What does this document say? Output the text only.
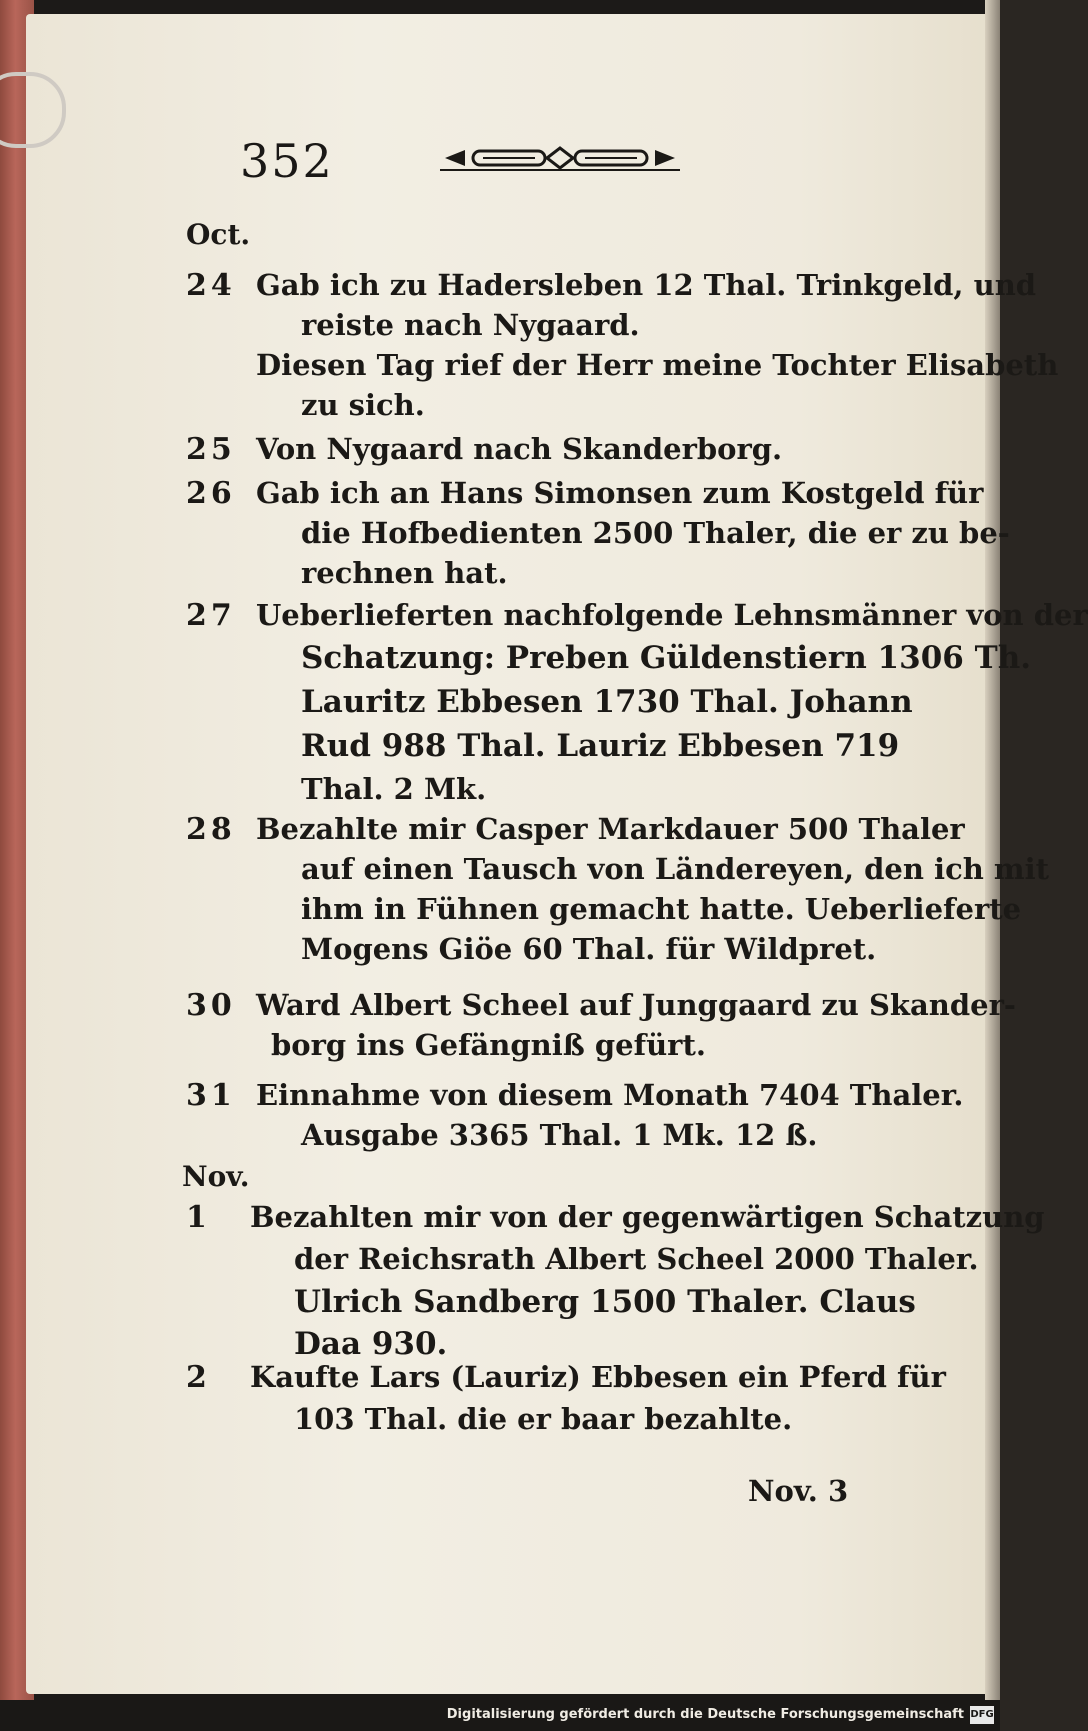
352
Oct.
24 Gab ich zu Hadersleben 12 Thal. Trinkgeld, und
reiste nach Nygaard.
Diesen Tag rief der Herr meine Tochter Elisabeth
zu sich.
25 Von Nygaard nach Skanderborg.
26 Gab ich an Hans Simonsen zum Kostgeld für
die Hofbedienten 2500 Thaler, die er zu be-
rechnen hat.
27 Ueberlieferten nachfolgende Lehnsmänner von der
Schatzung: Preben Güldenstiern 1306 Th.
Lauritz Ebbesen 1730 Thal. Johann
Rud 988 Thal. Lauriz Ebbesen 719
Thal. 2 Mk.
28 Bezahlte mir Casper Markdauer 500 Thaler
auf einen Tausch von Ländereyen, den ich mit
ihm in Fühnen gemacht hatte. Ueberlieferte
Mogens Giöe 60 Thal. für Wildpret.
30 Ward Albert Scheel auf Junggaard zu Skander-
borg ins Gefängniß gefürt.
31 Einnahme von diesem Monath 7404 Thaler.
Ausgabe 3365 Thal. 1 Mk. 12 ß.
Nov.
1	Bezahlten mir von der gegenwärtigen Schatzung
der Reichsrath Albert Scheel 2000 Thaler.
Ulrich Sandberg 1500 Thaler. Claus
Daa 930.
2	Kaufte Lars (Lauriz) Ebbesen ein Pferd für
103 Thal. die er baar bezahlte.
Nov. 3
Digitalisierung gefördert durch die Deutsche Forschungsgemeinschaft DFG
